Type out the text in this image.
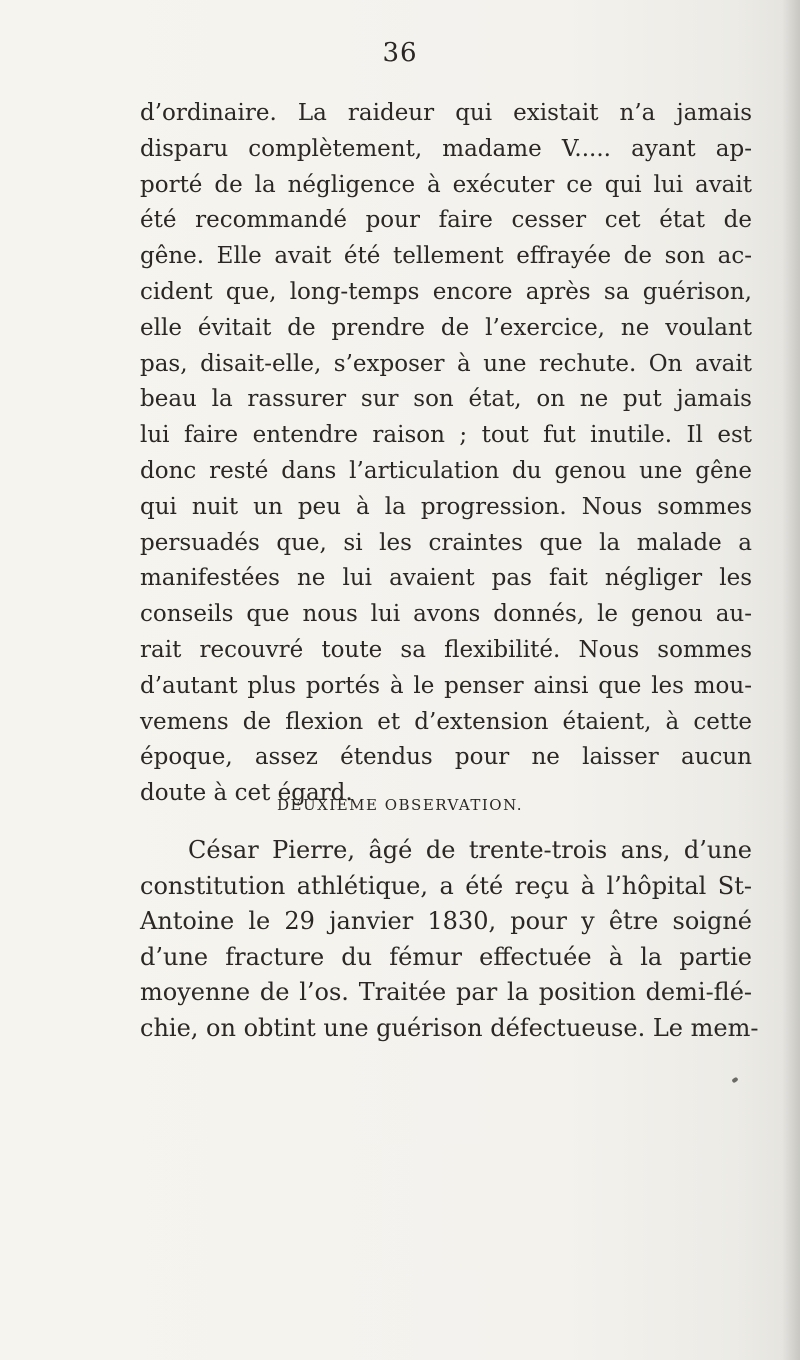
36
d’ordinaire. La raideur qui existait n’a jamais
disparu complètement, madame V..... ayant ap-
porté de la négligence à exécuter ce qui lui avait
été recommandé pour faire cesser cet état de
gêne. Elle avait été tellement effrayée de son ac-
cident que, long-temps encore après sa guérison,
elle évitait de prendre de l’exercice, ne voulant
pas, disait-elle, s’exposer à une rechute. On avait
beau la rassurer sur son état, on ne put jamais
lui faire entendre raison ; tout fut inutile. Il est
donc resté dans l’articulation du genou une gêne
qui nuit un peu à la progression. Nous sommes
persuadés que, si les craintes que la malade a
manifestées ne lui avaient pas fait négliger les
conseils que nous lui avons donnés, le genou au-
rait recouvré toute sa flexibilité. Nous sommes
d’autant plus portés à le penser ainsi que les mou-
vemens de flexion et d’extension étaient, à cette
époque, assez étendus pour ne laisser aucun
doute à cet égard.
DEUXIÈME OBSERVATION.
César Pierre, âgé de trente-trois ans, d’une
constitution athlétique, a été reçu à l’hôpital St-
Antoine le 29 janvier 1830, pour y être soigné
d’une fracture du fémur effectuée à la partie
moyenne de l’os. Traitée par la position demi-flé-
chie, on obtint une guérison défectueuse. Le mem-
